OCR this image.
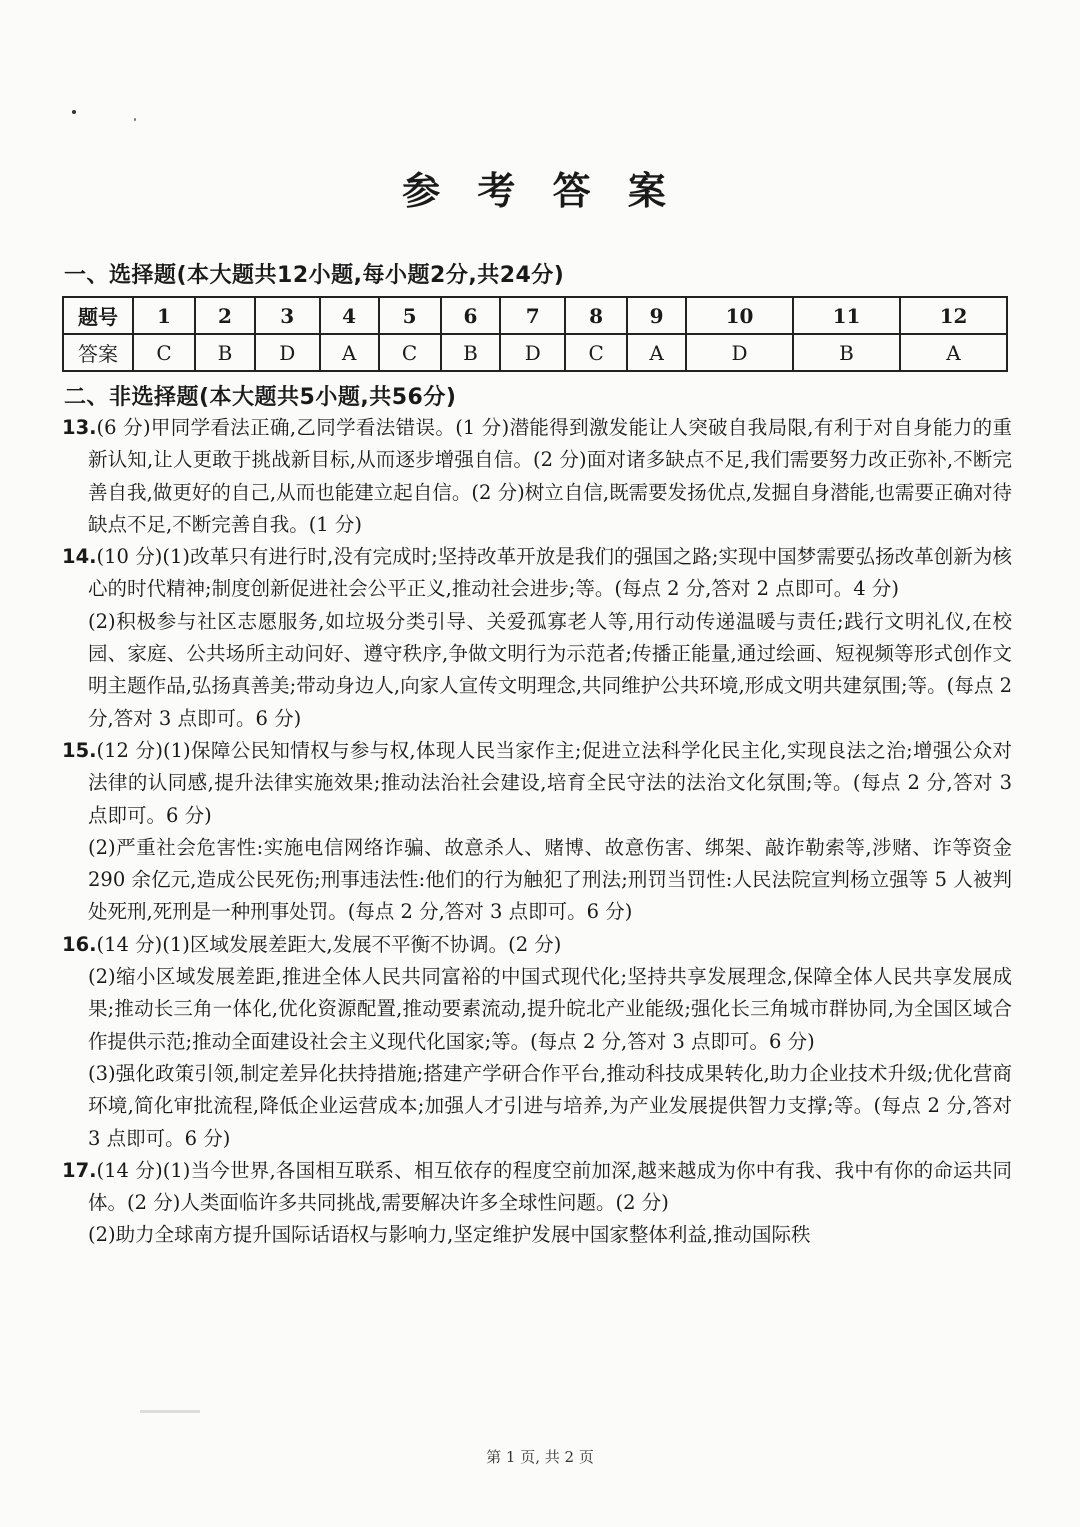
参 考 答 案
一、选择题(本大题共12小题,每小题2分,共24分)
题号	1	2	3	4	5	6	7	8	9	10	11	12
答案	C	B	D	A	C	B	D	C	A	D	B	A
二、非选择题(本大题共5小题,共56分)

13.(6 分)甲同学看法正确,乙同学看法错误。(1 分)潜能得到激发能让人突破自我局限,有利于对自身能力的重新认知,让人更敢于挑战新目标,从而逐步增强自信。(2 分)面对诸多缺点不足,我们需要努力改正弥补,不断完善自我,做更好的自己,从而也能建立起自信。(2 分)树立自信,既需要发扬优点,发掘自身潜能,也需要正确对待缺点不足,不断完善自我。(1 分)

14.(10 分)(1)改革只有进行时,没有完成时;坚持改革开放是我们的强国之路;实现中国梦需要弘扬改革创新为核心的时代精神;制度创新促进社会公平正义,推动社会进步;等。(每点 2 分,答对 2 点即可。4 分)

(2)积极参与社区志愿服务,如垃圾分类引导、关爱孤寡老人等,用行动传递温暖与责任;践行文明礼仪,在校园、家庭、公共场所主动问好、遵守秩序,争做文明行为示范者;传播正能量,通过绘画、短视频等形式创作文明主题作品,弘扬真善美;带动身边人,向家人宣传文明理念,共同维护公共环境,形成文明共建氛围;等。(每点 2 分,答对 3 点即可。6 分)

15.(12 分)(1)保障公民知情权与参与权,体现人民当家作主;促进立法科学化民主化,实现良法之治;增强公众对法律的认同感,提升法律实施效果;推动法治社会建设,培育全民守法的法治文化氛围;等。(每点 2 分,答对 3 点即可。6 分)

(2)严重社会危害性:实施电信网络诈骗、故意杀人、赌博、故意伤害、绑架、敲诈勒索等,涉赌、诈等资金 290 余亿元,造成公民死伤;刑事违法性:他们的行为触犯了刑法;刑罚当罚性:人民法院宣判杨立强等 5 人被判处死刑,死刑是一种刑事处罚。(每点 2 分,答对 3 点即可。6 分)

16.(14 分)(1)区域发展差距大,发展不平衡不协调。(2 分)

(2)缩小区域发展差距,推进全体人民共同富裕的中国式现代化;坚持共享发展理念,保障全体人民共享发展成果;推动长三角一体化,优化资源配置,推动要素流动,提升皖北产业能级;强化长三角城市群协同,为全国区域合作提供示范;推动全面建设社会主义现代化国家;等。(每点 2 分,答对 3 点即可。6 分)

(3)强化政策引领,制定差异化扶持措施;搭建产学研合作平台,推动科技成果转化,助力企业技术升级;优化营商环境,简化审批流程,降低企业运营成本;加强人才引进与培养,为产业发展提供智力支撑;等。(每点 2 分,答对 3 点即可。6 分)

17.(14 分)(1)当今世界,各国相互联系、相互依存的程度空前加深,越来越成为你中有我、我中有你的命运共同体。(2 分)人类面临许多共同挑战,需要解决许多全球性问题。(2 分)

(2)助力全球南方提升国际话语权与影响力,坚定维护发展中国家整体利益,推动国际秩

第 1 页, 共 2 页
